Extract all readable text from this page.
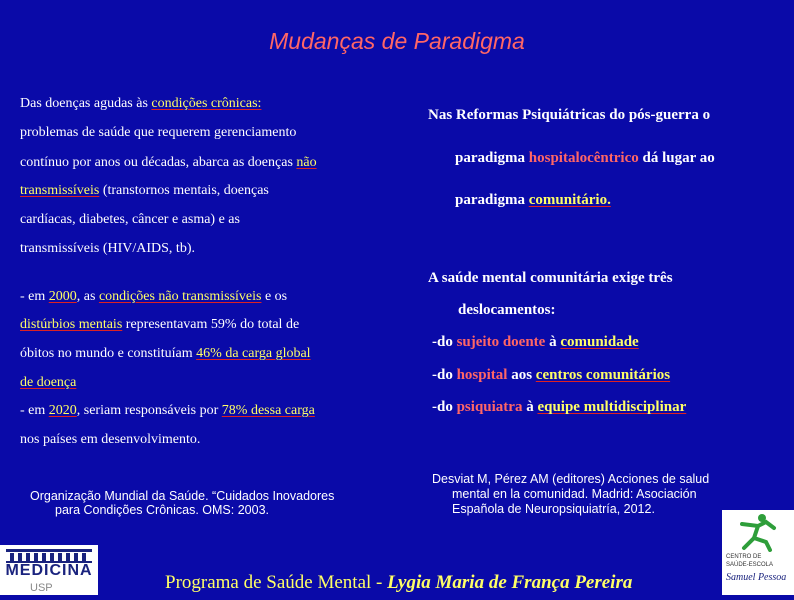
Mudanças de Paradigma
Das doenças agudas às condições crônicas:
problemas de saúde que requerem gerenciamento
contínuo por anos ou décadas, abarca as doenças não
transmissíveis (transtornos mentais, doenças
cardíacas, diabetes, câncer e asma) e as
transmissíveis (HIV/AIDS, tb).
- em 2000, as condições não transmissíveis e os
distúrbios mentais representavam 59% do total de
óbitos no mundo e constituíam 46% da carga global
de doença
- em 2020, seriam responsáveis por 78% dessa carga
nos países em desenvolvimento.
Organização Mundial da Saúde. “Cuidados Inovadores
para Condições Crônicas. OMS: 2003.
Nas Reformas Psiquiátricas do pós-guerra o
paradigma hospitalocêntrico dá lugar ao
paradigma comunitário.
A saúde mental comunitária exige três
deslocamentos:
-do sujeito doente à comunidade
-do hospital aos centros comunitários
-do psiquiatra à equipe multidisciplinar
Desviat M, Pérez AM (editores) Acciones de salud
mental en la comunidad. Madrid: Asociación
Española de Neuropsiquiatría, 2012.
MEDICINA
USP
CENTRO DE
SAÚDE-ESCOLA
Samuel Pessoa
Programa de Saúde Mental - Lygia Maria de França Pereira
